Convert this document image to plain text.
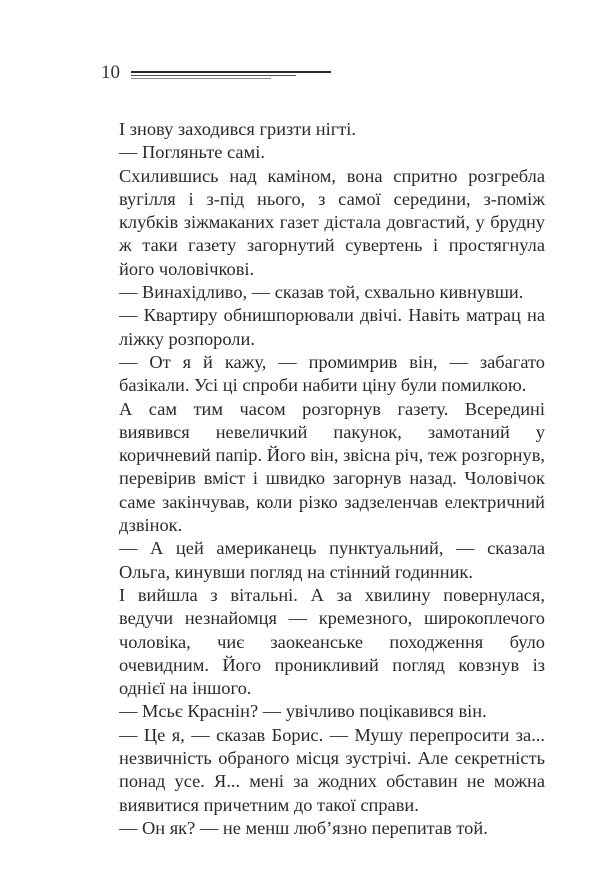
10

І знову заходився гризти нігті.

— Погляньте самі.

Схилившись над каміном, вона спритно розгребла вугілля і з-під нього, з самої середини, з-поміж клубків зіжмаканих газет дістала довгастий, у брудну ж таки газету загорнутий сувертень і простягнула його чоловічкові.

— Винахідливо, — сказав той, схвально кивнувши.

— Квартиру обнишпорювали двічі. Навіть матрац на ліжку розпороли.

— От я й кажу, — промимрив він, — забагато базікали. Усі ці спроби набити ціну були помилкою.

А сам тим часом розгорнув газету. Всередині виявився невеличкий пакунок, замотаний у коричневий папір. Його він, звісна річ, теж розгорнув, перевірив вміст і швидко загорнув назад. Чоловічок саме закінчував, коли різко задзеленчав електричний дзвінок.

— А цей американець пунктуальний, — сказала Ольга, кинувши погляд на стінний годинник.

І вийшла з вітальні. А за хвилину повернулася, ведучи незнайомця — кремезного, широкоплечого чоловіка, чиє заокеанське походження було очевидним. Його проникливий погляд ковзнув із однієї на іншого.

— Мсьє Краснін? — увічливо поцікавився він.

— Це я, — сказав Борис. — Мушу перепросити за... незвичність обраного місця зустрічі. Але секретність понад усе. Я... мені за жодних обставин не можна виявитися причетним до такої справи.

— Он як? — не менш люб’язно перепитав той.
